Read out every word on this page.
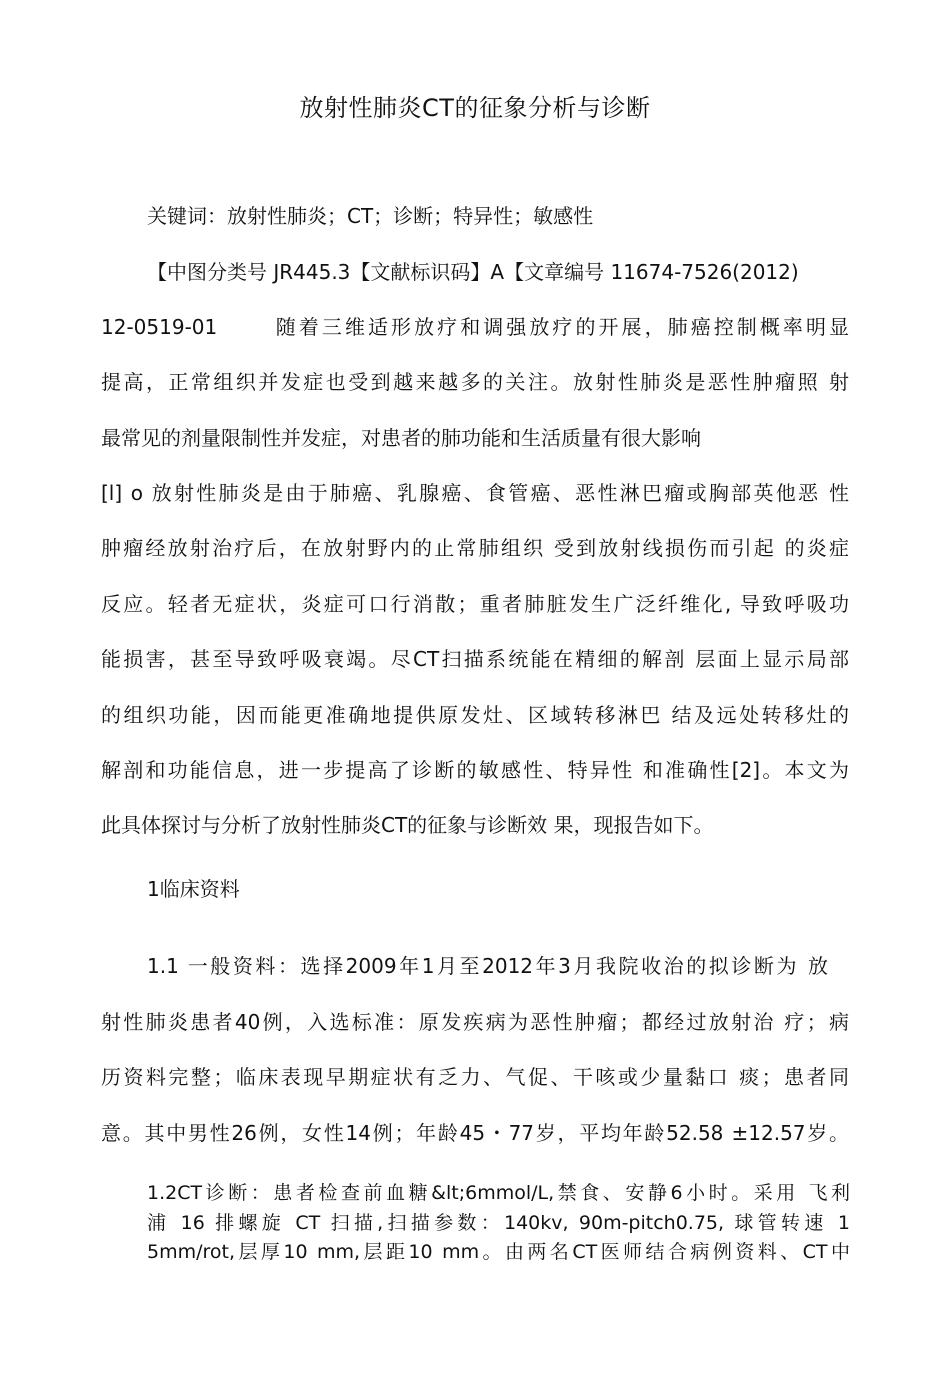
放射性肺炎CT的征象分析与诊断
关键词：放射性肺炎；CT；诊断；特异性；敏感性
【中图分类号 JR445.3【文献标识码】A【文章编号 11674-7526(2012)
12-0519-01　　 随着三维适形放疗和调强放疗的开展，肺癌控制概率明显
提高，正常组织并发症也受到越来越多的关注。放射性肺炎是恶性肿瘤照 射
最常见的剂量限制性并发症，对患者的肺功能和生活质量有很大影响
[l] o 放射性肺炎是由于肺癌、乳腺癌、食管癌、恶性淋巴瘤或胸部英他恶 性
肿瘤经放射治疗后，在放射野内的止常肺组织 受到放射线损伤而引起 的炎症
反应。轻者无症状，炎症可口行消散；重者肺脏发生广泛纤维化, 导致呼吸功
能损害，甚至导致呼吸衰竭。尽CT扫描系统能在精细的解剖 层面上显示局部
的组织功能，因而能更准确地提供原发灶、区域转移淋巴 结及远处转移灶的
解剖和功能信息，进一步提高了诊断的敏感性、特异性 和准确性[2]。本文为
此具体探讨与分析了放射性肺炎CT的征象与诊断效 果，现报告如下。
1临床资料
1.1 一般资料：选择2009年1月至2012年3月我院收治的拟诊断为 放
射性肺炎患者40例，入选标准：原发疾病为恶性肿瘤；都经过放射治 疗；病
历资料完整；临床表现早期症状有乏力、气促、干咳或少量黏口 痰；患者同
意。其中男性26例，女性14例；年龄45・77岁，平均年龄52.58 ±12.57岁。
1.2CT诊断：患者检查前血糖&lt;6mmol/L,禁食、安静6小时。采用 飞利
浦 16 排螺旋 CT 扫描,扫描参数：140kv, 90m-pitch0.75, 球管转速 1
5mm/rot,层厚10 mm,层距10 mm。由两名CT医师结合病例资料、CT中
